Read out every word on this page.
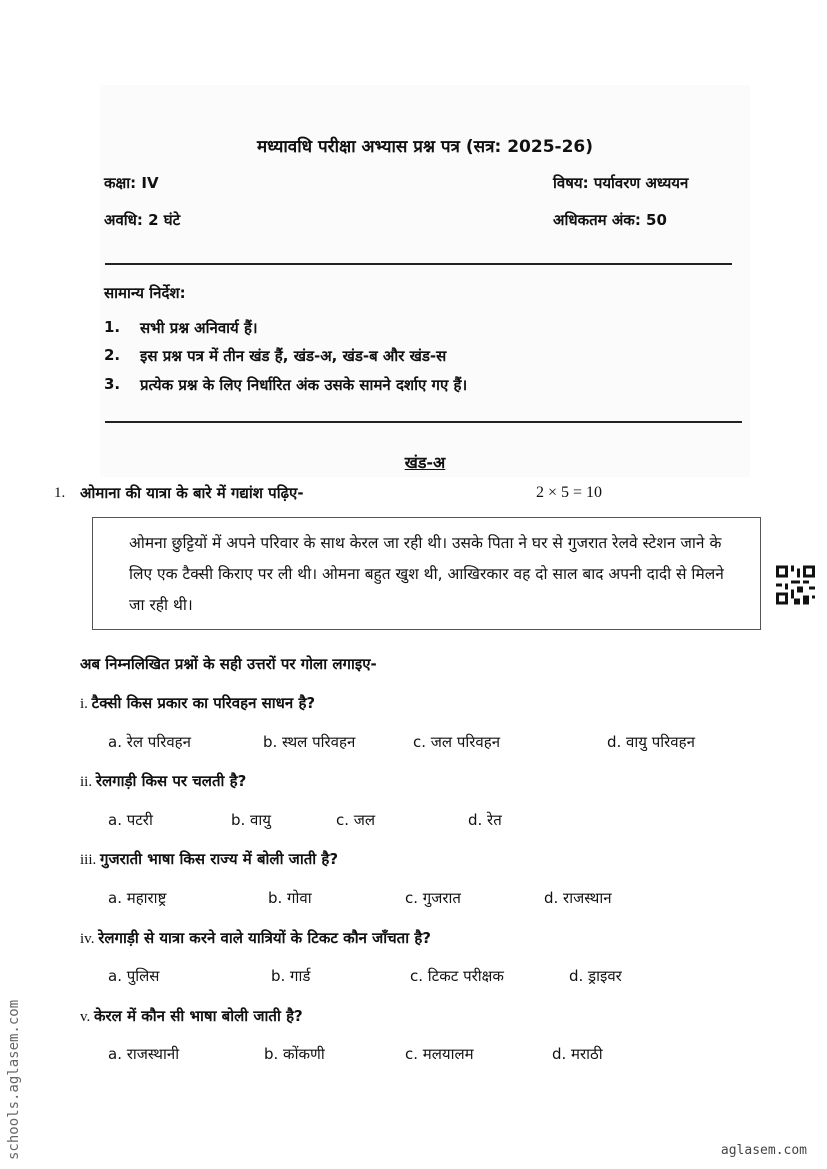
मध्यावधि परीक्षा अभ्यास प्रश्न पत्र (सत्र: 2025-26)
कक्षा: IV	विषय: पर्यावरण अध्ययन
अवधि: 2 घंटे	अधिकतम अंक: 50
सामान्य निर्देश:
1. सभी प्रश्न अनिवार्य हैं।
2. इस प्रश्न पत्र में तीन खंड हैं, खंड-अ, खंड-ब और खंड-स
3. प्रत्येक प्रश्न के लिए निर्धारित अंक उसके सामने दर्शाए गए हैं।
खंड-अ
1. ओमाना की यात्रा के बारे में गद्यांश पढ़िए-	2 × 5 = 10
ओमना छुट्टियों में अपने परिवार के साथ केरल जा रही थी। उसके पिता ने घर से गुजरात रेलवे स्टेशन जाने के लिए एक टैक्सी किराए पर ली थी। ओमना बहुत खुश थी, आखिरकार वह दो साल बाद अपनी दादी से मिलने जा रही थी।
अब निम्नलिखित प्रश्नों के सही उत्तरों पर गोला लगाइए-
i. टैक्सी किस प्रकार का परिवहन साधन है?
a. रेल परिवहन	b. स्थल परिवहन	c. जल परिवहन	d. वायु परिवहन
ii. रेलगाड़ी किस पर चलती है?
a. पटरी	b. वायु	c. जल	d. रेत
iii. गुजराती भाषा किस राज्य में बोली जाती है?
a. महाराष्ट्र	b. गोवा	c. गुजरात	d. राजस्थान
iv. रेलगाड़ी से यात्रा करने वाले यात्रियों के टिकट कौन जाँचता है?
a. पुलिस	b. गार्ड	c. टिकट परीक्षक	d. ड्राइवर
v. केरल में कौन सी भाषा बोली जाती है?
a. राजस्थानी	b. कोंकणी	c. मलयालम	d. मराठी
schools.aglasem.com	aglasem.com
